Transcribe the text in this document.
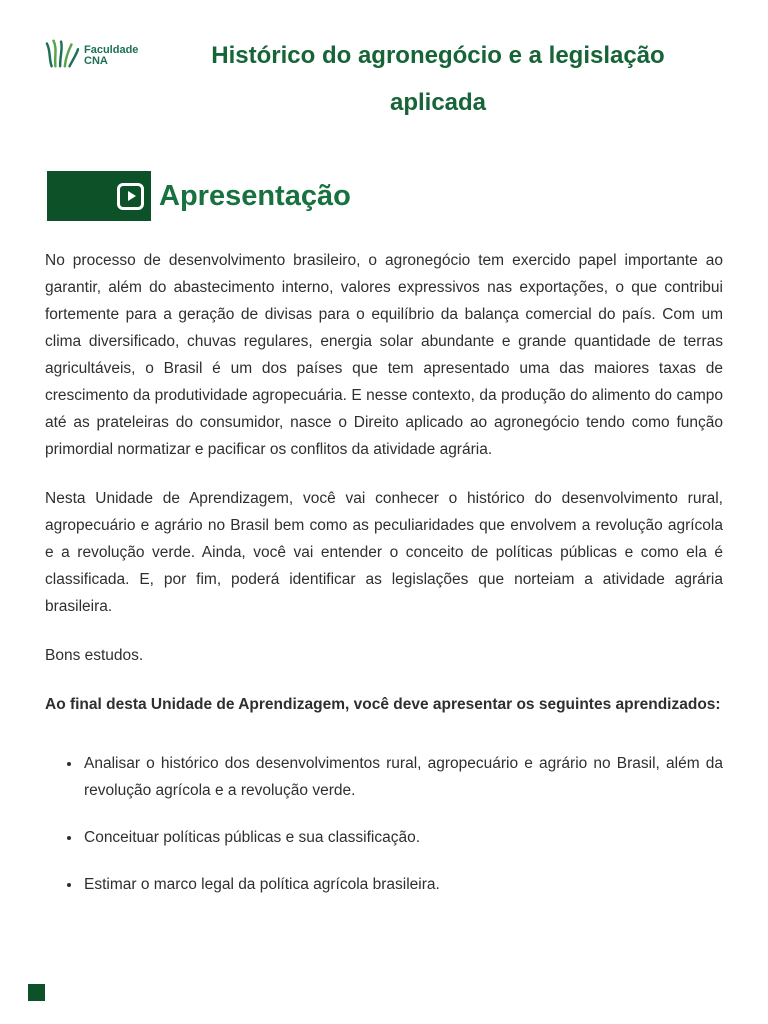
Faculdade
CNA	Histórico do agronegócio e a legislação
aplicada
Apresentação

No processo de desenvolvimento brasileiro, o agronegócio tem exercido papel importante ao garantir, além do abastecimento interno, valores expressivos nas exportações, o que contribui fortemente para a geração de divisas para o equilíbrio da balança comercial do país. Com um clima diversificado, chuvas regulares, energia solar abundante e grande quantidade de terras agricultáveis, o Brasil é um dos países que tem apresentado uma das maiores taxas de crescimento da produtividade agropecuária. E nesse contexto, da produção do alimento do campo até as prateleiras do consumidor, nasce o Direito aplicado ao agronegócio tendo como função primordial normatizar e pacificar os conflitos da atividade agrária.

Nesta Unidade de Aprendizagem, você vai conhecer o histórico do desenvolvimento rural, agropecuário e agrário no Brasil bem como as peculiaridades que envolvem a revolução agrícola e a revolução verde. Ainda, você vai entender o conceito de políticas públicas e como ela é classificada. E, por fim, poderá identificar as legislações que norteiam a atividade agrária brasileira.

Bons estudos.

Ao final desta Unidade de Aprendizagem, você deve apresentar os seguintes aprendizados:

• Analisar o histórico dos desenvolvimentos rural, agropecuário e agrário no Brasil, além da revolução agrícola e a revolução verde.
• Conceituar políticas públicas e sua classificação.
• Estimar o marco legal da política agrícola brasileira.
